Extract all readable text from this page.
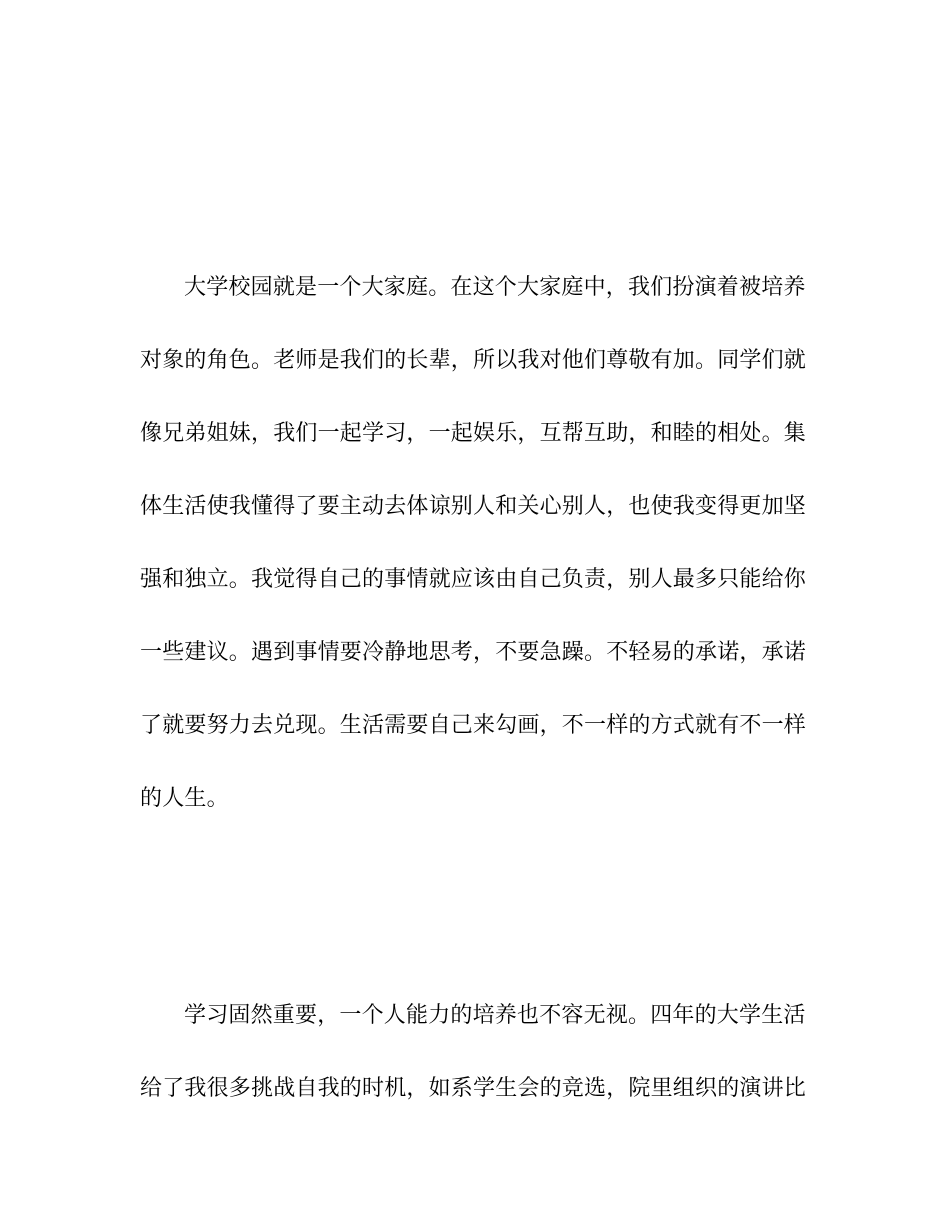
大学校园就是一个大家庭。在这个大家庭中，我们扮演着被培养
对象的角色。老师是我们的长辈，所以我对他们尊敬有加。同学们就
像兄弟姐妹，我们一起学习，一起娱乐，互帮互助，和睦的相处。集
体生活使我懂得了要主动去体谅别人和关心别人，也使我变得更加坚
强和独立。我觉得自己的事情就应该由自己负责，别人最多只能给你
一些建议。遇到事情要冷静地思考，不要急躁。不轻易的承诺，承诺
了就要努力去兑现。生活需要自己来勾画，不一样的方式就有不一样
的人生。
学习固然重要，一个人能力的培养也不容无视。四年的大学生活
给了我很多挑战自我的时机，如系学生会的竞选，院里组织的演讲比
